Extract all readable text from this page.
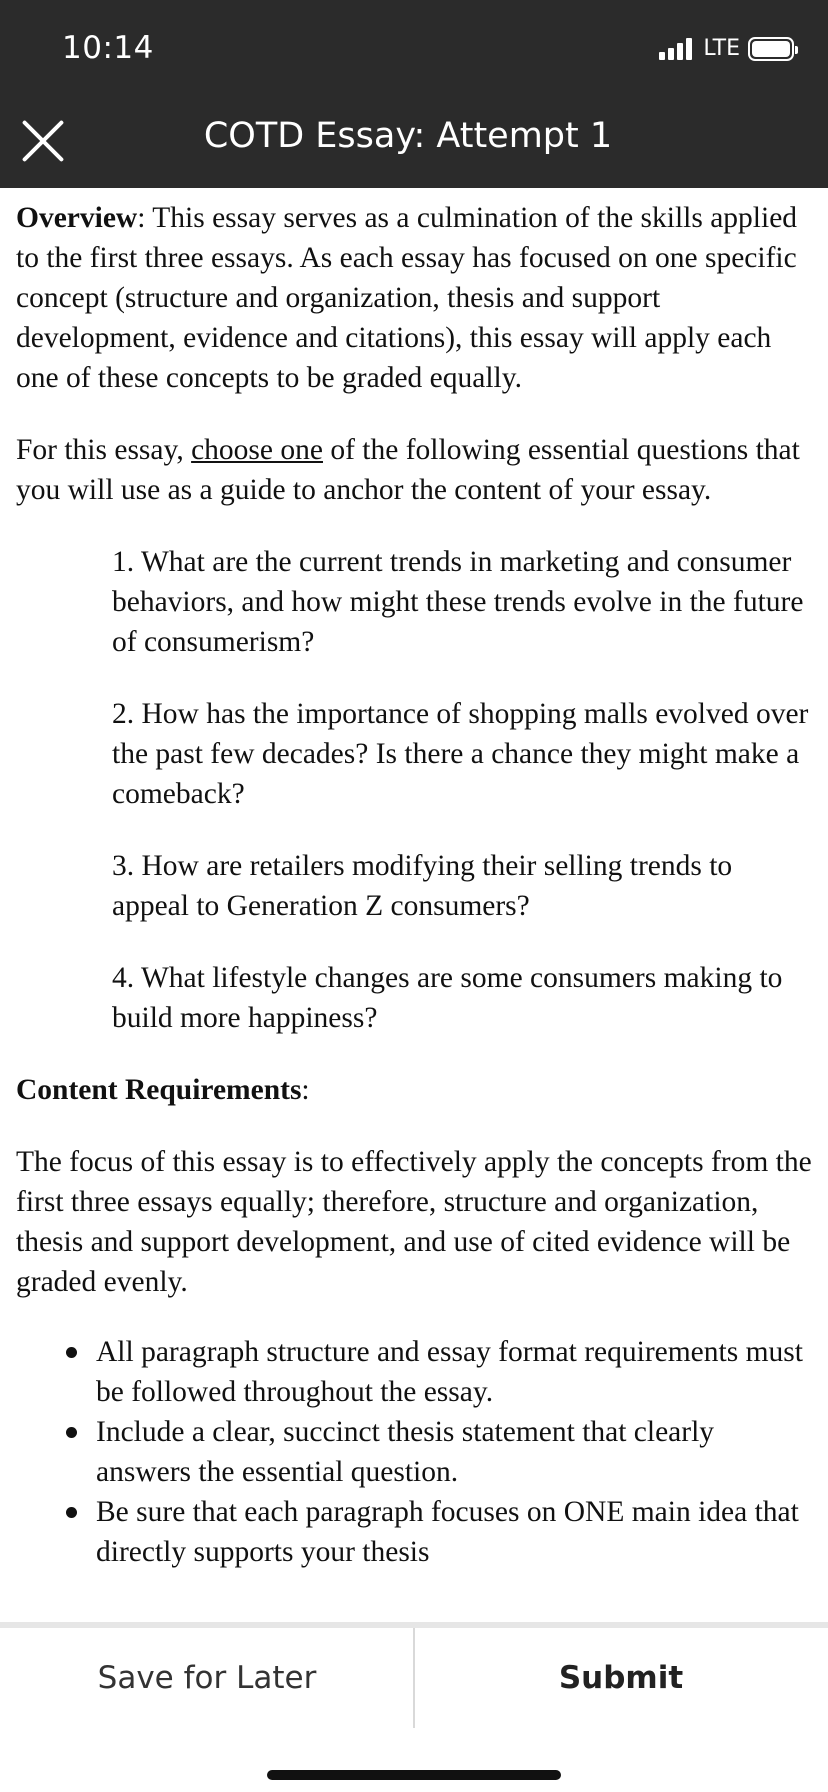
10:14	LTE
COTD Essay: Attempt 1

Overview: This essay serves as a culmination of the skills applied to the first three essays. As each essay has focused on one specific concept (structure and organization, thesis and support development, evidence and citations), this essay will apply each one of these concepts to be graded equally.

For this essay, choose one of the following essential questions that you will use as a guide to anchor the content of your essay.

1. What are the current trends in marketing and consumer behaviors, and how might these trends evolve in the future of consumerism?

2. How has the importance of shopping malls evolved over the past few decades? Is there a chance they might make a comeback?

3. How are retailers modifying their selling trends to appeal to Generation Z consumers?

4. What lifestyle changes are some consumers making to build more happiness?

Content Requirements:

The focus of this essay is to effectively apply the concepts from the first three essays equally; therefore, structure and organization, thesis and support development, and use of cited evidence will be graded evenly.

All paragraph structure and essay format requirements must be followed throughout the essay.
Include a clear, succinct thesis statement that clearly answers the essential question.
Be sure that each paragraph focuses on ONE main idea that directly supports your thesis
Save for Later	Submit
